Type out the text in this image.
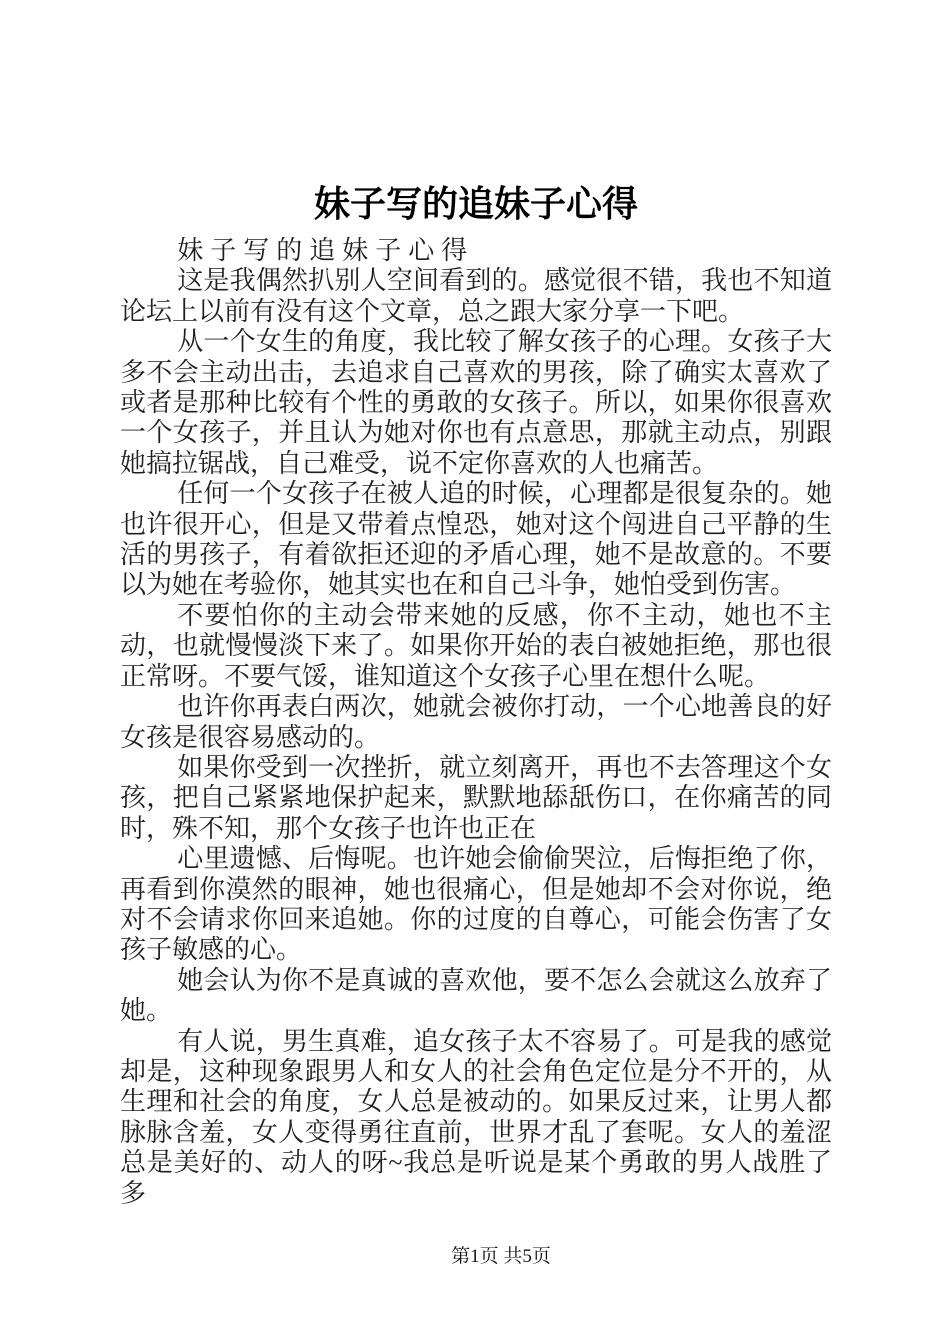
妹子写的追妹子心得

妹子写的追妹子心得

这是我偶然扒别人空间看到的。感觉很不错，我也不知道论坛上以前有没有这个文章，总之跟大家分享一下吧。

从一个女生的角度，我比较了解女孩子的心理。女孩子大多不会主动出击，去追求自己喜欢的男孩，除了确实太喜欢了或者是那种比较有个性的勇敢的女孩子。所以，如果你很喜欢一个女孩子，并且认为她对你也有点意思，那就主动点，别跟她搞拉锯战，自己难受，说不定你喜欢的人也痛苦。

任何一个女孩子在被人追的时候，心理都是很复杂的。她也许很开心，但是又带着点惶恐，她对这个闯进自己平静的生活的男孩子，有着欲拒还迎的矛盾心理，她不是故意的。不要以为她在考验你，她其实也在和自己斗争，她怕受到伤害。

不要怕你的主动会带来她的反感，你不主动，她也不主动，也就慢慢淡下来了。如果你开始的表白被她拒绝，那也很正常呀。不要气馁，谁知道这个女孩子心里在想什么呢。

也许你再表白两次，她就会被你打动，一个心地善良的好女孩是很容易感动的。

如果你受到一次挫折，就立刻离开，再也不去答理这个女孩，把自己紧紧地保护起来，默默地舔舐伤口，在你痛苦的同时，殊不知，那个女孩子也许也正在

心里遗憾、后悔呢。也许她会偷偷哭泣，后悔拒绝了你，再看到你漠然的眼神，她也很痛心，但是她却不会对你说，绝对不会请求你回来追她。你的过度的自尊心，可能会伤害了女孩子敏感的心。

她会认为你不是真诚的喜欢他，要不怎么会就这么放弃了她。

有人说，男生真难，追女孩子太不容易了。可是我的感觉却是，这种现象跟男人和女人的社会角色定位是分不开的，从生理和社会的角度，女人总是被动的。如果反过来，让男人都脉脉含羞，女人变得勇往直前，世界才乱了套呢。女人的羞涩总是美好的、动人的呀~我总是听说是某个勇敢的男人战胜了多

第1页 共5页
